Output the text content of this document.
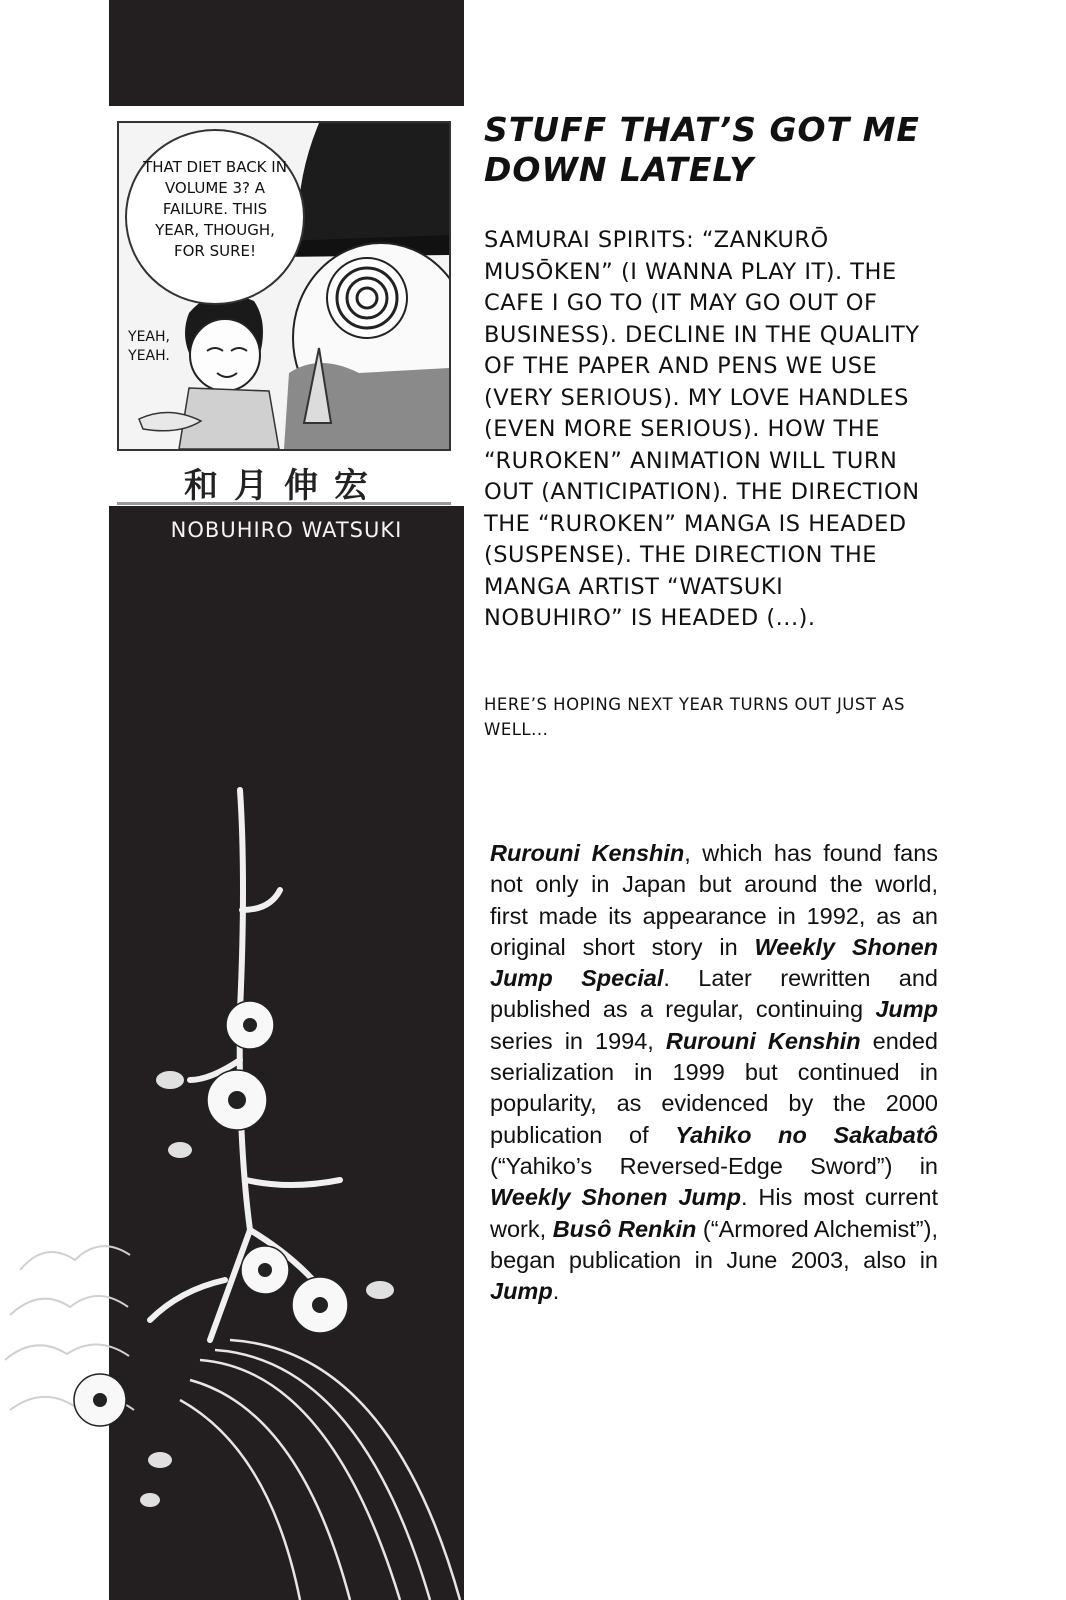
THAT DIET BACK IN VOLUME 3? A FAILURE. THIS YEAR, THOUGH, FOR SURE!
YEAH, YEAH.
和月伸宏
NOBUHIRO WATSUKI
STUFF THAT’S GOT ME DOWN LATELY
SAMURAI SPIRITS: “ZANKURŌ MUSŌKEN” (I WANNA PLAY IT). THE CAFE I GO TO (IT MAY GO OUT OF BUSINESS). DECLINE IN THE QUALITY OF THE PAPER AND PENS WE USE (VERY SERIOUS). MY LOVE HANDLES (EVEN MORE SERIOUS). HOW THE “RUROKEN” ANIMATION WILL TURN OUT (ANTICIPATION). THE DIRECTION THE “RUROKEN” MANGA IS HEADED (SUSPENSE). THE DIRECTION THE MANGA ARTIST “WATSUKI NOBUHIRO” IS HEADED (...).
HERE’S HOPING NEXT YEAR TURNS OUT JUST AS WELL...
Rurouni Kenshin, which has found fans not only in Japan but around the world, first made its appearance in 1992, as an original short story in Weekly Shonen Jump Special. Later rewritten and published as a regular, continuing Jump series in 1994, Rurouni Kenshin ended serialization in 1999 but continued in popularity, as evidenced by the 2000 publication of Yahiko no Sakabatô (“Yahiko’s Reversed-Edge Sword”) in Weekly Shonen Jump. His most current work, Busô Renkin (“Armored Alchemist”), began publication in June 2003, also in Jump.
